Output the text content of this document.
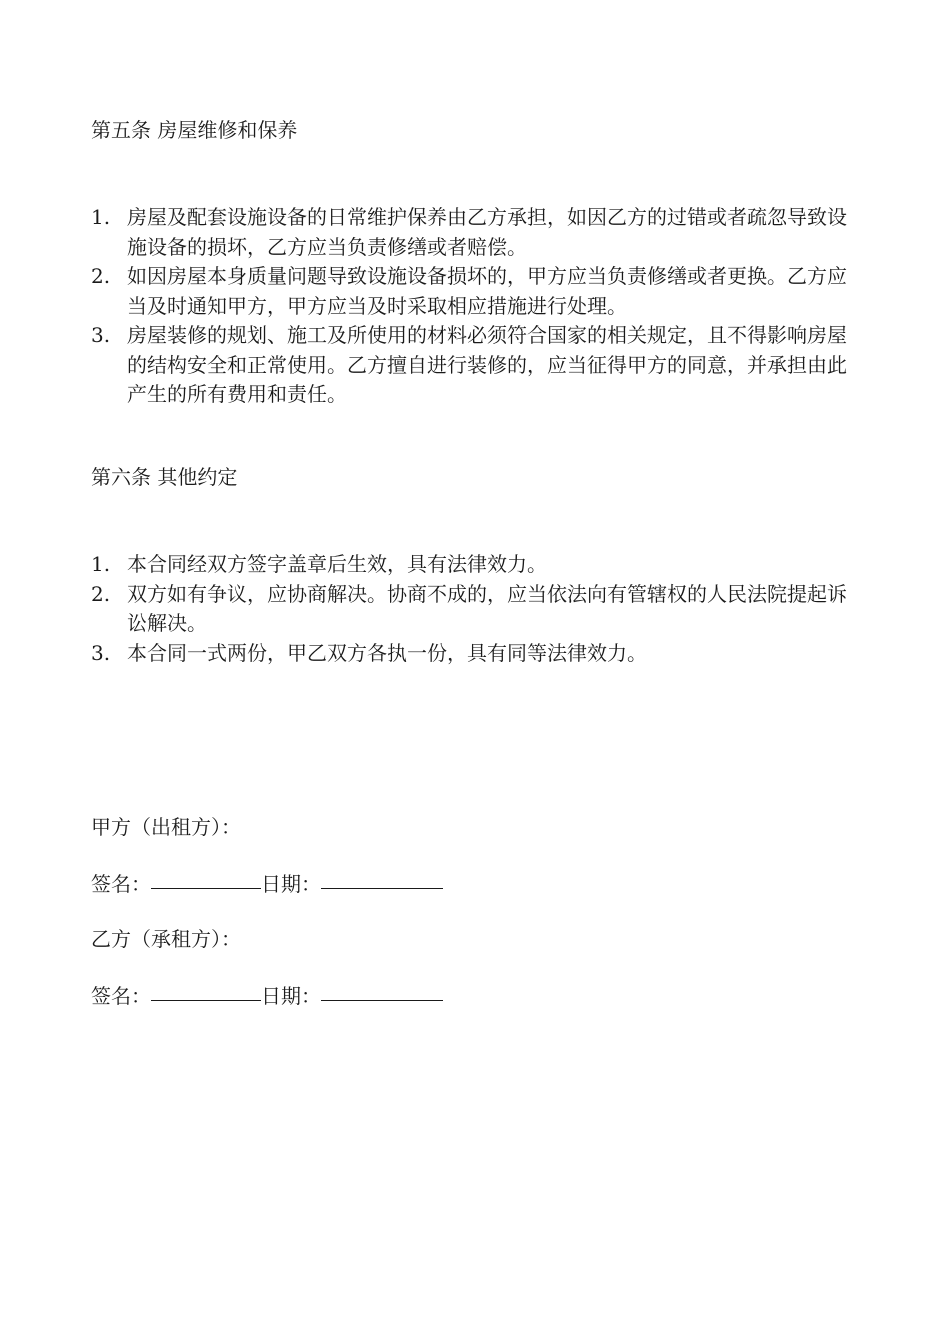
第五条 房屋维修和保养
1. 房屋及配套设施设备的日常维护保养由乙方承担，如因乙方的过错或者疏忽导致设施设备的损坏，乙方应当负责修缮或者赔偿。
2. 如因房屋本身质量问题导致设施设备损坏的，甲方应当负责修缮或者更换。乙方应当及时通知甲方，甲方应当及时采取相应措施进行处理。
3. 房屋装修的规划、施工及所使用的材料必须符合国家的相关规定，且不得影响房屋的结构安全和正常使用。乙方擅自进行装修的，应当征得甲方的同意，并承担由此产生的所有费用和责任。
第六条 其他约定
1. 本合同经双方签字盖章后生效，具有法律效力。
2. 双方如有争议，应协商解决。协商不成的，应当依法向有管辖权的人民法院提起诉讼解决。
3. 本合同一式两份，甲乙双方各执一份，具有同等法律效力。
甲方（出租方）：
签名：	日期：
乙方（承租方）：
签名：	日期：
